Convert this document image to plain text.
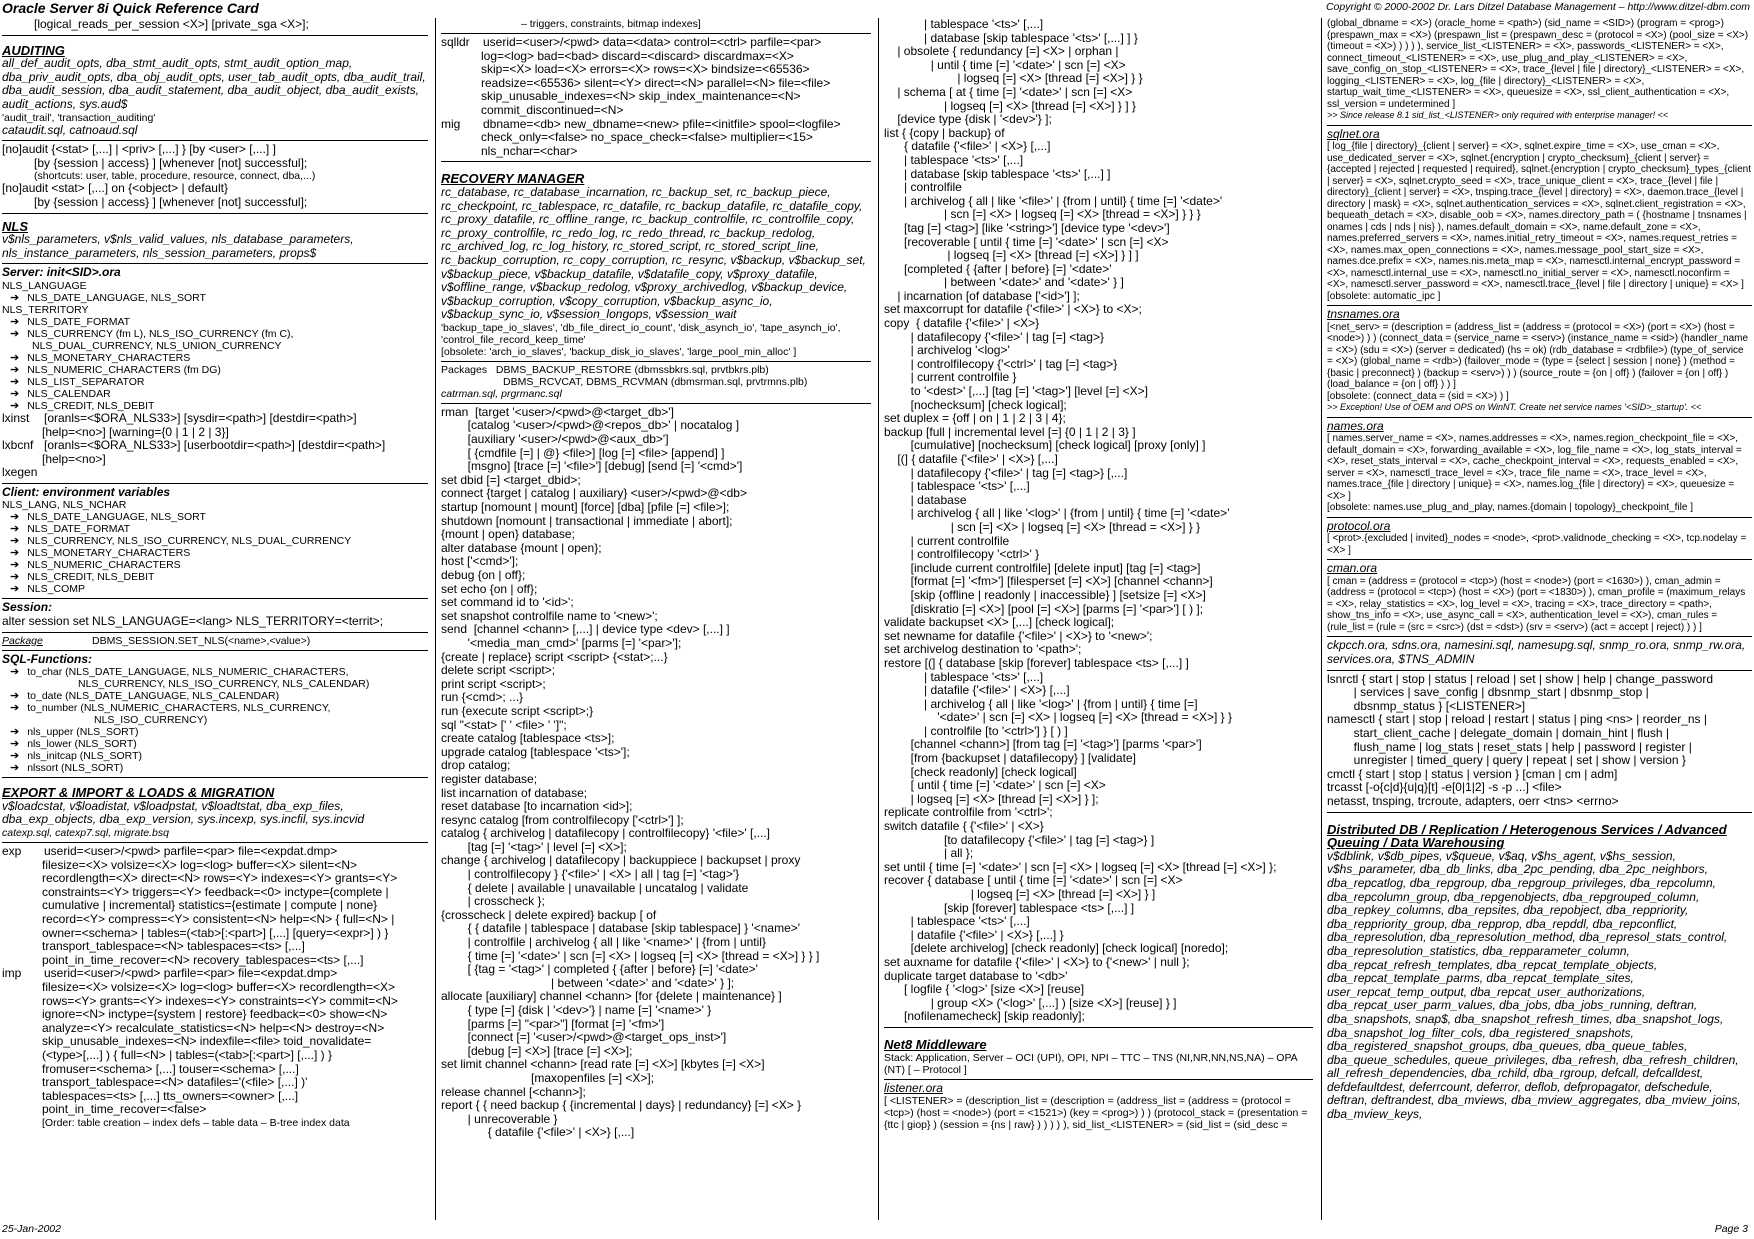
Oracle Server 8i Quick Reference Card	Copyright © 2000-2002 Dr. Lars Ditzel Database Management – http://www.ditzel-dbm.com
[logical_reads_per_session <X>] [private_sga <X>];
AUDITING
all_def_audit_opts, dba_stmt_audit_opts, stmt_audit_option_map, dba_priv_audit_opts, dba_obj_audit_opts, user_tab_audit_opts, dba_audit_trail, dba_audit_session, dba_audit_statement, dba_audit_object, dba_audit_exists, audit_actions, sys.aud$
'audit_trail', 'transaction_auditing'
cataudit.sql, catnoaud.sql
[no]audit {<stat> [,...] | <priv> [,...] } [by <user> [,...] ]
[by {session | access} ] [whenever [not] successful];
(shortcuts: user, table, procedure, resource, connect, dba,...)
[no]audit <stat> [,...] on {<object> | default}
[by {session | access} ] [whenever [not] successful];
NLS
v$nls_parameters, v$nls_valid_values, nls_database_parameters, nls_instance_parameters, nls_session_parameters, props$
Server: init<SID>.ora
NLS_LANGUAGE
➔ NLS_DATE_LANGUAGE, NLS_SORT
NLS_TERRITORY
➔ NLS_DATE_FORMAT
➔ NLS_CURRENCY (fm L), NLS_ISO_CURRENCY (fm C),
NLS_DUAL_CURRENCY, NLS_UNION_CURRENCY
➔ NLS_MONETARY_CHARACTERS
➔ NLS_NUMERIC_CHARACTERS (fm DG)
➔ NLS_LIST_SEPARATOR
➔ NLS_CALENDAR
➔ NLS_CREDIT, NLS_DEBIT
lxinst	[oranls=<$ORA_NLS33>] [sysdir=<path>] [destdir=<path>]
[help=<no>] [warning={0 | 1 | 2 | 3}]
lxbcnf [oranls=<$ORA_NLS33>] [userbootdir=<path>] [destdir=<path>]
[help=<no>]
lxegen
Client: environment variables
NLS_LANG, NLS_NCHAR
➔ NLS_DATE_LANGUAGE, NLS_SORT
➔ NLS_DATE_FORMAT
➔ NLS_CURRENCY, NLS_ISO_CURRENCY, NLS_DUAL_CURRENCY
➔ NLS_MONETARY_CHARACTERS
➔ NLS_NUMERIC_CHARACTERS
➔ NLS_CREDIT, NLS_DEBIT
➔ NLS_COMP
Session:
alter session set NLS_LANGUAGE=<lang> NLS_TERRITORY=<territ>;
Package	DBMS_SESSION.SET_NLS(<name>,<value>)
SQL-Functions:
➔ to_char (NLS_DATE_LANGUAGE, NLS_NUMERIC_CHARACTERS,
NLS_CURRENCY, NLS_ISO_CURRENCY, NLS_CALENDAR)
➔ to_date (NLS_DATE_LANGUAGE, NLS_CALENDAR)
➔ to_number (NLS_NUMERIC_CHARACTERS, NLS_CURRENCY,
NLS_ISO_CURRENCY)
➔ nls_upper (NLS_SORT)
➔ nls_lower (NLS_SORT)
➔ nls_initcap (NLS_SORT)
➔ nlssort (NLS_SORT)
EXPORT & IMPORT & LOADS & MIGRATION
v$loadcstat, v$loadistat, v$loadpstat, v$loadtstat, dba_exp_files, dba_exp_objects, dba_exp_version, sys.incexp, sys.incfil, sys.incvid
catexp.sql, catexp7.sql, migrate.bsq
exp	userid=<user>/<pwd> parfile=<par> file=<expdat.dmp>
filesize=<X> volsize=<X> log=<log> buffer=<X> silent=<N>
recordlength=<X> direct=<N> rows=<Y> indexes=<Y> grants=<Y>
constraints=<Y> triggers=<Y> feedback=<0> inctype={complete |
cumulative | incremental} statistics={estimate | compute | none}
record=<Y> compress=<Y> consistent=<N> help=<N> { full=<N> |
owner=<schema> | tables=(<tab>[:<part>] [,...] [query=<expr>] ) }
transport_tablespace=<N> tablespaces=<ts> [,...]
point_in_time_recover=<N> recovery_tablespaces=<ts> [,...]
imp	userid=<user>/<pwd> parfile=<par> file=<expdat.dmp>
filesize=<X> volsize=<X> log=<log> buffer=<X> recordlength=<X>
rows=<Y> grants=<Y> indexes=<Y> constraints=<Y> commit=<N>
ignore=<N> inctype={system | restore} feedback=<0> show=<N>
analyze=<Y> recalculate_statistics=<N> help=<N> destroy=<N>
skip_unusable_indexes=<N> indexfile=<file> toid_novalidate=
(<type>[,...] ) { full=<N> | tables=(<tab>[:<part>] [,...] ) }
fromuser=<schema> [,...] touser=<schema> [,...]
transport_tablespace=<N> datafiles='(<file> [,...] )'
tablespaces=<ts> [,...] tts_owners=<owner> [,...]
point_in_time_recover=<false>
[Order: table creation – index defs – table data – B-tree index data
– triggers, constraints, bitmap indexes]
sqlldr	userid=<user>/<pwd> data=<data> control=<ctrl> parfile=<par>
log=<log> bad=<bad> discard=<discard> discardmax=<X>
skip=<X> load=<X> errors=<X> rows=<X> bindsize=<65536>
readsize=<65536> silent=<Y> direct=<N> parallel=<N> file=<file>
skip_unusable_indexes=<N> skip_index_maintenance=<N>
commit_discontinued=<N>
mig	dbname=<db> new_dbname=<new> pfile=<initfile> spool=<logfile>
check_only=<false> no_space_check=<false> multiplier=<15>
nls_nchar=<char>
RECOVERY MANAGER
rc_database, rc_database_incarnation, rc_backup_set, rc_backup_piece, rc_checkpoint, rc_tablespace, rc_datafile, rc_backup_datafile, rc_datafile_copy, rc_proxy_datafile, rc_offline_range, rc_backup_controlfile, rc_controlfile_copy, rc_proxy_controlfile, rc_redo_log, rc_redo_thread, rc_backup_redolog, rc_archived_log, rc_log_history, rc_stored_script, rc_stored_script_line, rc_backup_corruption, rc_copy_corruption, rc_resync, v$backup, v$backup_set, v$backup_piece, v$backup_datafile, v$datafile_copy, v$proxy_datafile, v$offline_range, v$backup_redolog, v$proxy_archivedlog, v$backup_device, v$backup_corruption, v$copy_corruption, v$backup_async_io, v$backup_sync_io, v$session_longops, v$session_wait
'backup_tape_io_slaves', 'db_file_direct_io_count', 'disk_asynch_io', 'tape_asynch_io', 'control_file_record_keep_time'
[obsolete: 'arch_io_slaves', 'backup_disk_io_slaves', 'large_pool_min_alloc' ]
Packages   DBMS_BACKUP_RESTORE (dbmssbkrs.sql, prvtbkrs.plb)
DBMS_RCVCAT, DBMS_RCVMAN (dbmsrman.sql, prvtrmns.plb)
catrman.sql, prgrmanc.sql
rman  [target '<user>/<pwd>@<target_db>']
[catalog '<user>/<pwd>@<repos_db>' | nocatalog ]
[auxiliary '<user>/<pwd>@<aux_db>']
[ {cmdfile [=] | @} <file>] [log [=] <file> [append] ]
[msgno] [trace [=] '<file>'] [debug] [send [=] '<cmd>']
set dbid [=] <target_dbid>;
connect {target | catalog | auxiliary} <user>/<pwd>@<db>
startup [nomount | mount] [force] [dba] [pfile [=] <file>];
shutdown [nomount | transactional | immediate | abort];
{mount | open} database;
alter database {mount | open};
host ['<cmd>'];
debug {on | off};
set echo {on | off};
set command id to '<id>';
set snapshot controlfile name to '<new>';
send  [channel <chann> [,...] | device type <dev> [,...] ]
'<media_man_cmd>' [parms [=] '<par>'];
{create | replace} script <script> {<stat>;...}
delete script <script>;
print script <script>;
run {<cmd>; ...}
run {execute script <script>;}
sql "<stat> [' ' <file> ' ']";
create catalog [tablespace <ts>];
upgrade catalog [tablespace '<ts>'];
drop catalog;
register database;
list incarnation of database;
reset database [to incarnation <id>];
resync catalog [from controlfilecopy ['<ctrl>'] ];
catalog { archivelog | datafilecopy | controlfilecopy} '<file>' [,...]
[tag [=] '<tag>' | level [=] <X>];
change { archivelog | datafilecopy | backuppiece | backupset | proxy
| controlfilecopy } {'<file>' | <X> | all | tag [=] '<tag>'}
{ delete | available | unavailable | uncatalog | validate
| crosscheck };
{crosscheck | delete expired} backup [ of
{ { datafile | tablespace | database [skip tablespace] } '<name>'
| controlfile | archivelog { all | like '<name>' | {from | until}
{ time [=] '<date>' | scn [=] <X> | logseq [=] <X> [thread = <X>] } } ]
[ {tag = '<tag>' | completed { {after | before} [=] '<date>'
| between '<date>' and '<date>' } ];
allocate [auxiliary] channel <chann> [for {delete | maintenance} ]
{ type [=] {disk | '<dev>'} | name [=] '<name>' }
[parms [=] "<par>"] [format [=] '<fm>']
[connect [=] '<user>/<pwd>@<target_ops_inst>']
[debug [=] <X>] [trace [=] <X>];
set limit channel <chann> [read rate [=] <X>] [kbytes [=] <X>]
[maxopenfiles [=] <X>];
release channel [<chann>];
report { { need backup { {incremental | days} | redundancy} [=] <X> }
| unrecoverable }
{ datafile {'<file>' | <X>} [,...]
| tablespace '<ts>' [,...]
| database [skip tablespace '<ts>' [,...] ] }
| obsolete { redundancy [=] <X> | orphan |
| until { time [=] '<date>' | scn [=] <X>
| logseq [=] <X> [thread [=] <X>] } }
| schema [ at { time [=] '<date>' | scn [=] <X>
| logseq [=] <X> [thread [=] <X>] } ] }
[device type {disk | '<dev>'} ];
list { {copy | backup} of
{ datafile {'<file>' | <X>} [,...]
| tablespace '<ts>' [,...]
| database [skip tablespace '<ts>' [,...] ]
| controlfile
| archivelog { all | like '<file>' | {from | until} { time [=] '<date>'
| scn [=] <X> | logseq [=] <X> [thread = <X>] } } }
[tag [=] <tag>] [like '<string>'] [device type '<dev>']
[recoverable [ until { time [=] '<date>' | scn [=] <X>
| logseq [=] <X> [thread [=] <X>] } ] ]
[completed { {after | before} [=] '<date>'
| between '<date>' and '<date>' } ]
| incarnation [of database ['<id>'] ];
set maxcorrupt for datafile {'<file>' | <X>} to <X>;
copy  { datafile {'<file>' | <X>}
| datafilecopy {'<file>' | tag [=] <tag>}
| archivelog '<log>'
| controlfilecopy {'<ctrl>' | tag [=] <tag>}
| current controlfile }
to '<dest>' [,...] [tag [=] '<tag>'] [level [=] <X>]
[nochecksum] [check logical];
set duplex = {off | on | 1 | 2 | 3 | 4};
backup [full | incremental level [=] {0 | 1 | 2 | 3} ]
[cumulative] [nochecksum] [check logical] [proxy [only] ]
[(] { datafile {'<file>' | <X>} [,...]
| datafilecopy {'<file>' | tag [=] <tag>} [,...]
| tablespace '<ts>' [,...]
| database
| archivelog { all | like '<log>' | {from | until} { time [=] '<date>'
| scn [=] <X> | logseq [=] <X> [thread = <X>] } }
| current controlfile
| controlfilecopy '<ctrl>' }
[include current controlfile] [delete input] [tag [=] <tag>]
[format [=] '<fm>'] [filesperset [=] <X>] [channel <chann>]
[skip {offline | readonly | inaccessible} ] [setsize [=] <X>]
[diskratio [=] <X>] [pool [=] <X>] [parms [=] '<par>'] [ ) ];
validate backupset <X> [,...] [check logical];
set newname for datafile {'<file>' | <X>} to '<new>';
set archivelog destination to '<path>';
restore [(] { database [skip [forever] tablespace <ts> [,...] ]
| tablespace '<ts>' [,...]
| datafile {'<file>' | <X>} [,...]
| archivelog { all | like '<log>' | {from | until} { time [=]
'<date>' | scn [=] <X> | logseq [=] <X> [thread = <X>] } }
| controlfile [to '<ctrl>'] } [ ) ]
[channel <chann>] [from tag [=] '<tag>'] [parms '<par>']
[from {backupset | datafilecopy} ] [validate]
[check readonly] [check logical]
[ until { time [=] '<date>' | scn [=] <X>
| logseq [=] <X> [thread [=] <X>] } ];
replicate controlfile from '<ctrl>';
switch datafile { {'<file>' | <X>}
[to datafilecopy {'<file>' | tag [=] <tag>} ]
| all };
set until { time [=] '<date>' | scn [=] <X> | logseq [=] <X> [thread [=] <X>] };
recover { database [ until { time [=] '<date>' | scn [=] <X>
| logseq [=] <X> [thread [=] <X>] } ]
[skip [forever] tablespace <ts> [,...] ]
| tablespace '<ts>' [,...]
| datafile {'<file>' | <X>} [,...] }
[delete archivelog] [check readonly] [check logical] [noredo];
set auxname for datafile {'<file>' | <X>} to {'<new>' | null };
duplicate target database to '<db>'
[ logfile { '<log>' [size <X>] [reuse]
| group <X> ('<log>' [,...] ) [size <X>] [reuse] } ]
[nofilenamecheck] [skip readonly];
Net8 Middleware
Stack: Application, Server – OCI (UPI), OPI, NPI – TTC – TNS (NI,NR,NN,NS,NA) – OPA (NT) [ – Protocol ]
listener.ora
[ <LISTENER> = (description_list = (description = (address_list = (address = (protocol = <tcp>) (host = <node>) (port = <1521>) (key = <prog>) ) ) (protocol_stack = (presentation = {ttc | giop} ) (session = {ns | raw} ) ) ) ) ), sid_list_<LISTENER> = (sid_list = (sid_desc =
(global_dbname = <X>) (oracle_home = <path>) (sid_name = <SID>) (program = <prog>) (prespawn_max = <X>) (prespawn_list = (prespawn_desc = (protocol = <X>) (pool_size = <X>) (timeout = <X>) ) ) ) ), service_list_<LISTENER> = <X>, passwords_<LISTENER> = <X>, connect_timeout_<LISTENER> = <X>, use_plug_and_play_<LISTENER> = <X>, save_config_on_stop_<LISTENER> = <X>, trace_{level | file | directory}_<LISTENER> = <X>, logging_<LISTENER> = <X>, log_{file | directory}_<LISTENER> = <X>, startup_wait_time_<LISTENER> = <X>, queuesize = <X>, ssl_client_authentication = <X>, ssl_version = undetermined ]
>> Since release 8.1 sid_list_<LISTENER> only required with enterprise manager! <<
sqlnet.ora
[ log_{file | directory}_{client | server} = <X>, sqlnet.expire_time = <X>, use_cman = <X>, use_dedicated_server = <X>, sqlnet.{encryption | crypto_checksum}_{client | server} = {accepted | rejected | requested | required}, sqlnet.{encryption | crypto_checksum}_types_{client | server} = <X>, sqlnet.crypto_seed = <X>, trace_unique_client = <X>, trace_{level | file | directory}_{client | server} = <X>, tnsping.trace_{level | directory} = <X>, daemon.trace_{level | directory | mask} = <X>, sqlnet.authentication_services = <X>, sqlnet.client_registration = <X>, bequeath_detach = <X>, disable_oob = <X>, names.directory_path = ( {hostname | tnsnames | onames | cds | nds | nis} ), names.default_domain = <X>, name.default_zone = <X>, names.preferred_servers = <X>, names.initial_retry_timeout = <X>, names.request_retries = <X>, names.max_open_connections = <X>, names.message_pool_start_size = <X>, names.dce.prefix = <X>, names.nis.meta_map = <X>, namesctl.internal_encrypt_password = <X>, namesctl.internal_use = <X>, namesctl.no_initial_server = <X>, namesctl.noconfirm = <X>, namesctl.server_password = <X>, namesctl.trace_{level | file | directory | unique} = <X> ]
[obsolete: automatic_ipc ]
tnsnames.ora
[<net_serv> = (description = (address_list = (address = (protocol = <X>) (port = <X>) (host = <node>) ) ) (connect_data = (service_name = <serv>) (instance_name = <sid>) (handler_name = <X>) (sdu = <X>) (server = dedicated) (hs = ok) (rdb_database = <rdbfile>) (type_of_service = <X>) (global_name = <rdb>) (failover_mode = (type = {select | session | none} ) (method = {basic | preconnect} ) (backup = <serv>) ) ) (source_route = {on | off} ) (failover = {on | off} ) (load_balance = {on | off} ) ) ]
[obsolete: (connect_data = (sid = <X>) ) ]
>> Exception! Use of OEM and OPS on WinNT. Create net service names '<SID>_startup'. <<
names.ora
[ names.server_name = <X>, names.addresses = <X>, names.region_checkpoint_file = <X>, default_domain = <X>, forwarding_available = <X>, log_file_name = <X>, log_stats_interval = <X>, reset_stats_interval = <X>, cache_checkpoint_interval = <X>, requests_enabled = <X>, server = <X>, namesctl_trace_level = <X>, trace_file_name = <X>, trace_level = <X>, names.trace_{file | directory | unique} = <X>, names.log_{file | directory} = <X>, queuesize = <X> ]
[obsolete: names.use_plug_and_play, names.{domain | topology}_checkpoint_file ]
protocol.ora
[ <prot>.{excluded | invited}_nodes = <node>, <prot>.validnode_checking = <X>, tcp.nodelay = <X> ]
cman.ora
[ cman = (address = (protocol = <tcp>) (host = <node>) (port = <1630>) ), cman_admin = (address = (protocol = <tcp>) (host = <X>) (port = <1830>) ), cman_profile = (maximum_relays = <X>, relay_statistics = <X>, log_level = <X>, tracing = <X>, trace_directory = <path>, show_tns_info = <X>, use_async_call = <X>, authentication_level = <X>), cman_rules = (rule_list = (rule = (src = <src>) (dst = <dst>) (srv = <serv>) (act = accept | reject) ) ) ]
ckpcch.ora, sdns.ora, namesini.sql, namesupg.sql, snmp_ro.ora, snmp_rw.ora, services.ora, $TNS_ADMIN
lsnrctl { start | stop | status | reload | set | show | help | change_password
| services | save_config | dbsnmp_start | dbsnmp_stop |
dbsnmp_status } [<LISTENER>]
namesctl { start | stop | reload | restart | status | ping <ns> | reorder_ns |
start_client_cache | delegate_domain | domain_hint | flush |
flush_name | log_stats | reset_stats | help | password | register |
unregister | timed_query | query | repeat | set | show | version }
cmctl { start | stop | status | version } [cman | cm | adm]
trcasst [-o{c|d}{u|q}[t] -e[0|1|2] -s -p ...] <file>
netasst, tnsping, trcroute, adapters, oerr <tns> <errno>
Distributed DB / Replication / Heterogenous Services / Advanced Queuing / Data Warehousing
v$dblink, v$db_pipes, v$queue, v$aq, v$hs_agent, v$hs_session, v$hs_parameter, dba_db_links, dba_2pc_pending, dba_2pc_neighbors, dba_repcatlog, dba_repgroup, dba_repgroup_privileges, dba_repcolumn, dba_repcolumn_group, dba_repgenobjects, dba_repgrouped_column, dba_repkey_columns, dba_repsites, dba_repobject, dba_reppriority, dba_reppriority_group, dba_repprop, dba_repddl, dba_repconflict, dba_represolution, dba_represolution_method, dba_represol_stats_control, dba_represolution_statistics, dba_repparameter_column, dba_repcat_refresh_templates, dba_repcat_template_objects, dba_repcat_template_parms, dba_repcat_template_sites, user_repcat_temp_output, dba_repcat_user_authorizations, dba_repcat_user_parm_values, dba_jobs, dba_jobs_running, deftran, dba_snapshots, snap$, dba_snapshot_refresh_times, dba_snapshot_logs, dba_snapshot_log_filter_cols, dba_registered_snapshots, dba_registered_snapshot_groups, dba_queues, dba_queue_tables, dba_queue_schedules, queue_privileges, dba_refresh, dba_refresh_children, all_refresh_dependencies, dba_rchild, dba_rgroup, defcall, defcalldest, defdefaultdest, deferrcount, deferror, deflob, defpropagator, defschedule, deftran, deftrandest, dba_mviews, dba_mview_aggregates, dba_mview_joins, dba_mview_keys,
25-Jan-2002	Page 3
